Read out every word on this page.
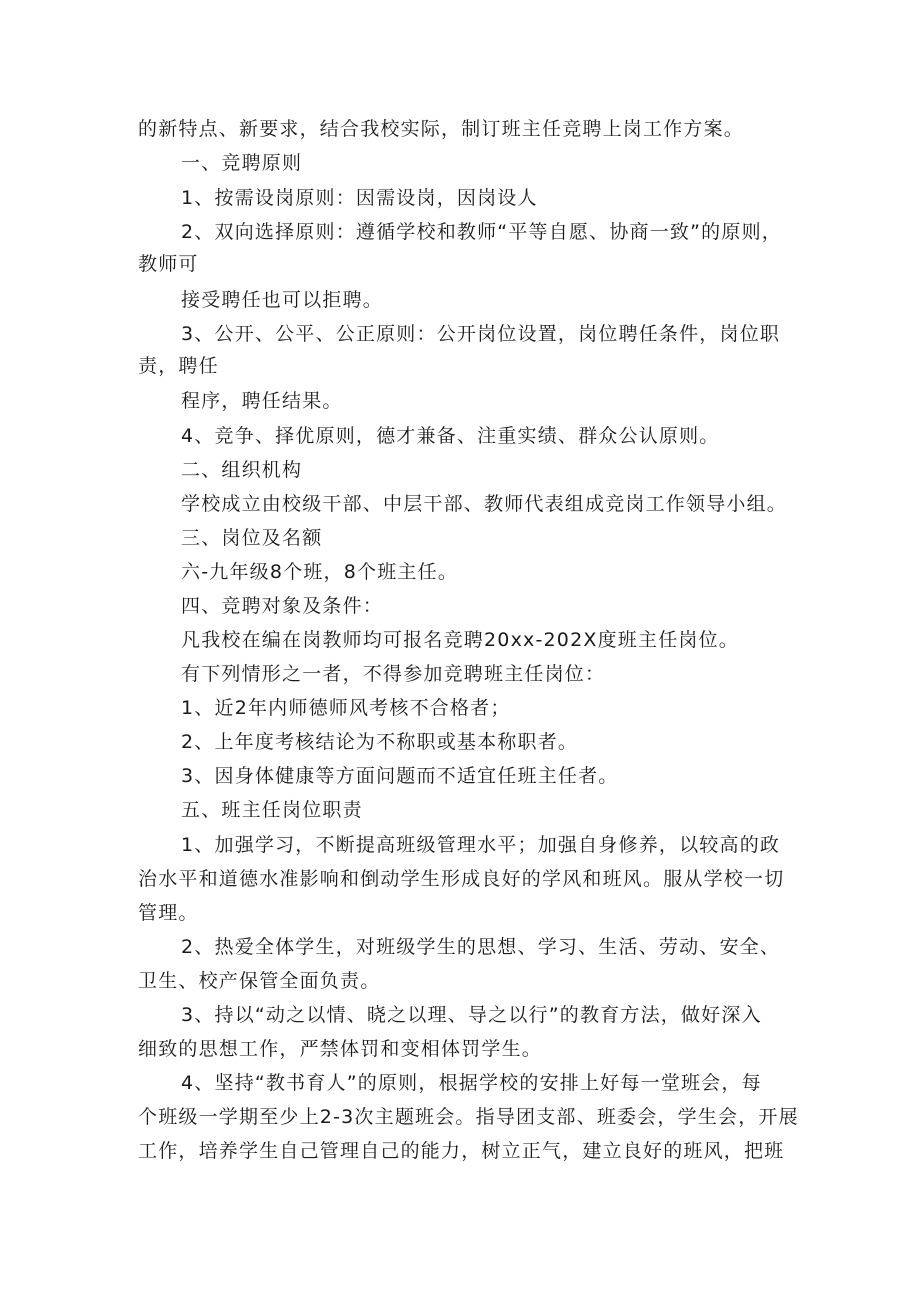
的新特点、新要求，结合我校实际，制订班主任竞聘上岗工作方案。
一、竞聘原则
1、按需设岗原则：因需设岗，因岗设人
2、双向选择原则：遵循学校和教师“平等自愿、协商一致”的原则，
教师可
接受聘任也可以拒聘。
3、公开、公平、公正原则：公开岗位设置，岗位聘任条件，岗位职
责，聘任
程序，聘任结果。
4、竞争、择优原则，德才兼备、注重实绩、群众公认原则。
二、组织机构
学校成立由校级干部、中层干部、教师代表组成竞岗工作领导小组。
三、岗位及名额
六-九年级8个班，8个班主任。
四、竞聘对象及条件：
凡我校在编在岗教师均可报名竞聘20xx-202X度班主任岗位。
有下列情形之一者，不得参加竞聘班主任岗位：
1、近2年内师德师风考核不合格者；
2、上年度考核结论为不称职或基本称职者。
3、因身体健康等方面问题而不适宜任班主任者。
五、班主任岗位职责
1、加强学习，不断提高班级管理水平；加强自身修养，以较高的政
治水平和道德水准影响和倒动学生形成良好的学风和班风。服从学校一切
管理。
2、热爱全体学生，对班级学生的思想、学习、生活、劳动、安全、
卫生、校产保管全面负责。
3、持以“动之以情、晓之以理、导之以行”的教育方法，做好深入
细致的思想工作，严禁体罚和变相体罚学生。
4、坚持“教书育人”的原则，根据学校的安排上好每一堂班会，每
个班级一学期至少上2-3次主题班会。指导团支部、班委会，学生会，开展
工作，培养学生自己管理自己的能力，树立正气，建立良好的班风，把班
